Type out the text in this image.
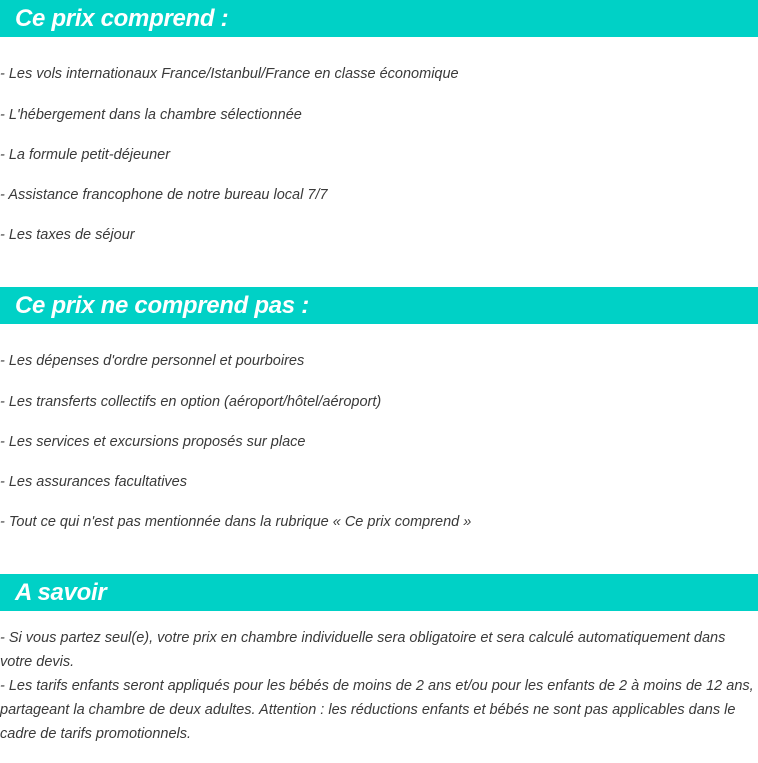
Ce prix comprend :
- Les vols internationaux France/Istanbul/France en classe économique
- L'hébergement dans la chambre sélectionnée
- La formule petit-déjeuner
- Assistance francophone de notre bureau local 7/7
- Les taxes de séjour
Ce prix ne comprend pas :
- Les dépenses d'ordre personnel et pourboires
- Les transferts collectifs en option (aéroport/hôtel/aéroport)
- Les services et excursions proposés sur place
- Les assurances facultatives
- Tout ce qui n'est pas mentionnée dans la rubrique « Ce prix comprend »
A savoir

- Si vous partez seul(e), votre prix en chambre individuelle sera obligatoire et sera calculé automatiquement dans votre devis.

- Les tarifs enfants seront appliqués pour les bébés de moins de 2 ans et/ou pour les enfants de 2 à moins de 12 ans, partageant la chambre de deux adultes. Attention : les réductions enfants et bébés ne sont pas applicables dans le cadre de tarifs promotionnels.
